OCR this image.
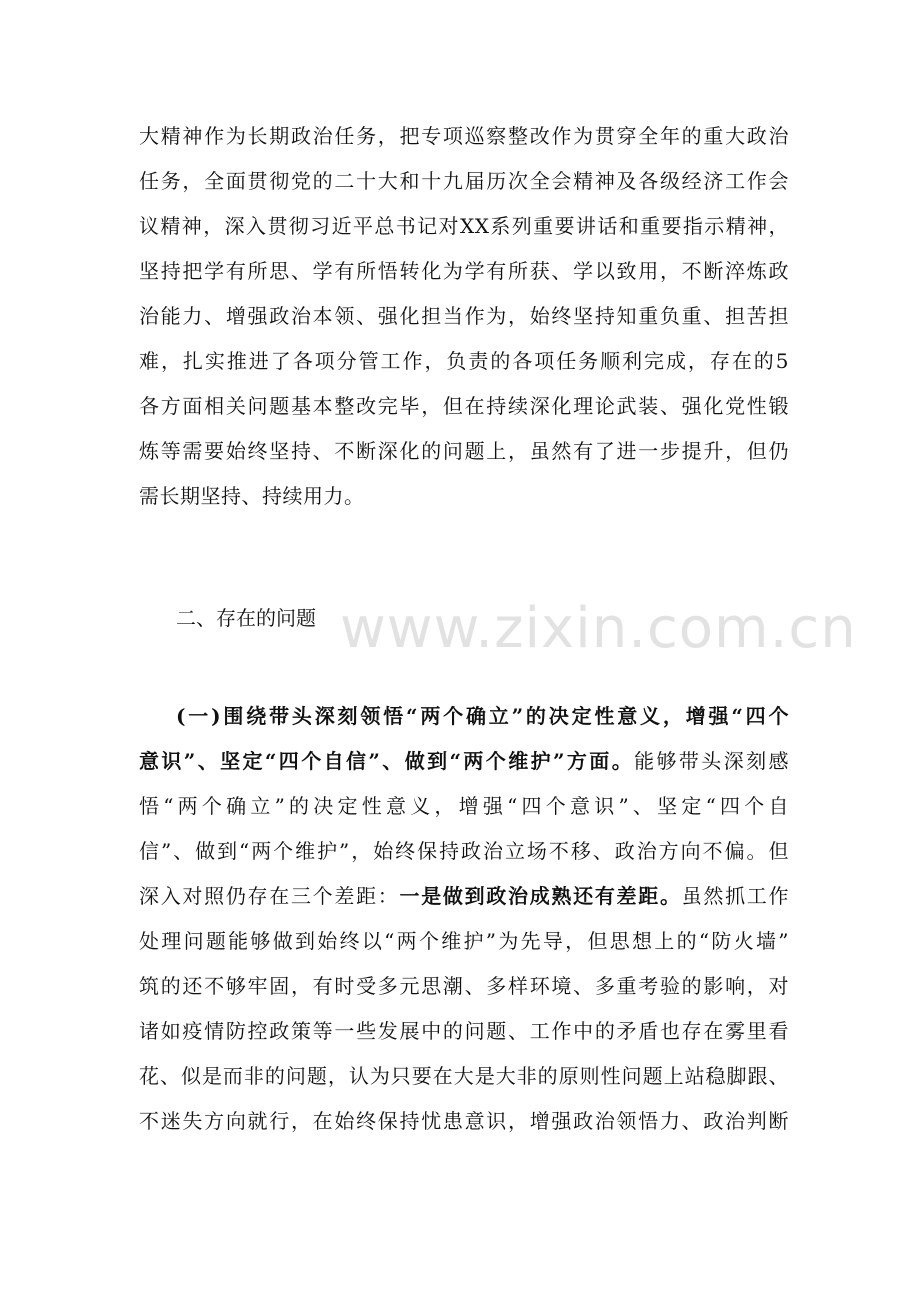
大精神作为长期政治任务，把专项巡察整改作为贯穿全年的重大政治
任务，全面贯彻党的二十大和十九届历次全会精神及各级经济工作会
议精神，深入贯彻习近平总书记对XX系列重要讲话和重要指示精神，
坚持把学有所思、学有所悟转化为学有所获、学以致用，不断淬炼政
治能力、增强政治本领、强化担当作为，始终坚持知重负重、担苦担
难，扎实推进了各项分管工作，负责的各项任务顺利完成，存在的5
各方面相关问题基本整改完毕，但在持续深化理论武装、强化党性锻
炼等需要始终坚持、不断深化的问题上，虽然有了进一步提升，但仍
需长期坚持、持续用力。
二、存在的问题 www.zixin.com.cn
(一)围绕带头深刻领悟“两个确立”的决定性意义，增强“四个
意识”、坚定“四个自信”、做到“两个维护”方面。能够带头深刻感
悟“两个确立”的决定性意义，增强“四个意识”、坚定“四个自
信”、做到“两个维护”，始终保持政治立场不移、政治方向不偏。但
深入对照仍存在三个差距：一是做到政治成熟还有差距。虽然抓工作
处理问题能够做到始终以“两个维护”为先导，但思想上的“防火墙”
筑的还不够牢固，有时受多元思潮、多样环境、多重考验的影响，对
诸如疫情防控政策等一些发展中的问题、工作中的矛盾也存在雾里看
花、似是而非的问题，认为只要在大是大非的原则性问题上站稳脚跟、
不迷失方向就行，在始终保持忧患意识，增强政治领悟力、政治判断
